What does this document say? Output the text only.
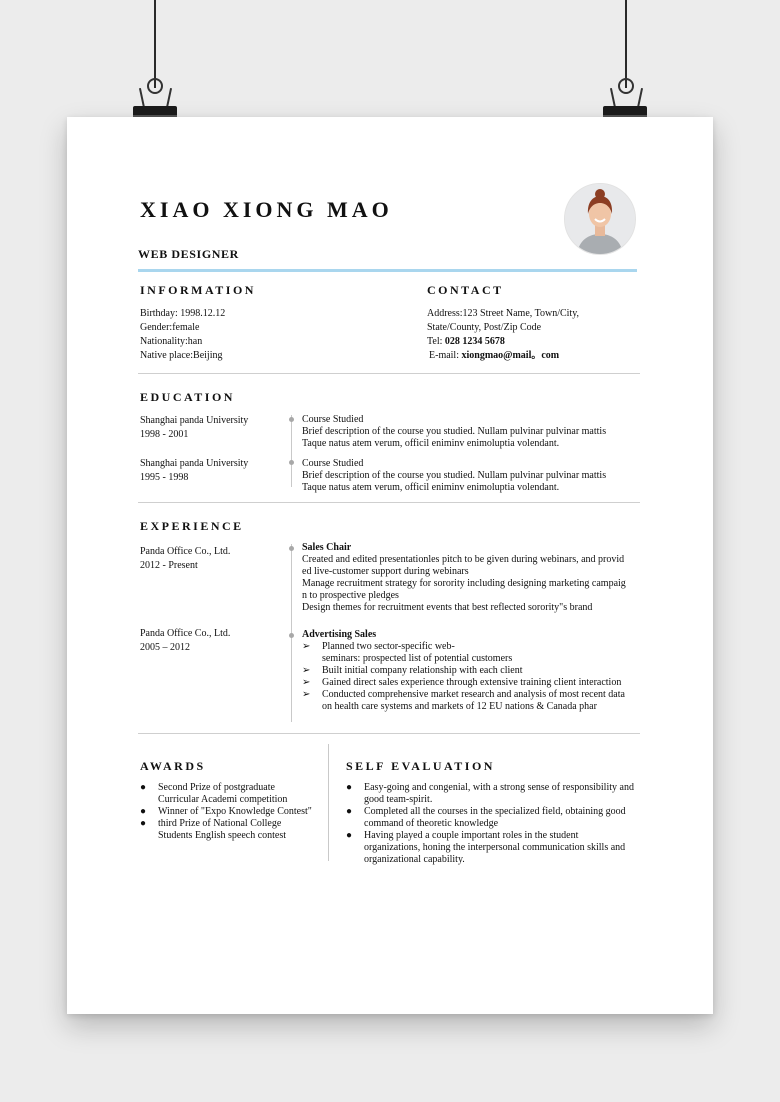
XIAO XIONG MAO
WEB DESIGNER
INFORMATION
Birthday: 1998.12.12
Gender:female
Nationality:han
Native place:Beijing
CONTACT
Address:123 Street Name, Town/City,
State/County, Post/Zip Code
Tel: 028 1234 5678
E-mail: xiongmao@mail。com
EDUCATION
Shanghai panda University
1998 - 2001
Course Studied
Brief description of the course you studied. Nullam pulvinar pulvinar mattis
Taque natus atem verum, officil eniminv enimoluptia volendant.
Shanghai panda University
1995 - 1998
Course Studied
Brief description of the course you studied. Nullam pulvinar pulvinar mattis
Taque natus atem verum, officil eniminv enimoluptia volendant.
EXPERIENCE
Panda Office Co., Ltd.
2012 - Present
Sales Chair
Created and edited presentationles pitch to be given during webinars, and provid
ed live-customer support during webinars
Manage recruitment strategy for sorority including designing marketing campaig
n to prospective pledges
Design themes for recruitment events that best reflected sorority"s brand
Panda Office Co., Ltd.
2005 – 2012
Advertising Sales
➢ Planned two sector-specific web-
seminars: prospected list of potential customers
➢ Built initial company relationship with each client
➢ Gained direct sales experience through extensive training client interaction
➢ Conducted comprehensive market research and analysis of most recent data
on health care systems and markets of 12 EU nations & Canada phar
AWARDS
● Second Prize of postgraduate
Curricular Academi competition
● Winner of "Expo Knowledge Contest"
● third Prize of National College
Students English speech contest
SELF EVALUATION
● Easy-going and congenial, with a strong sense of responsibility and
good team-spirit.
● Completed all the courses in the specialized field, obtaining good
command of theoretic knowledge
● Having played a couple important roles in the student
organizations, honing the interpersonal communication skills and
organizational capability.
